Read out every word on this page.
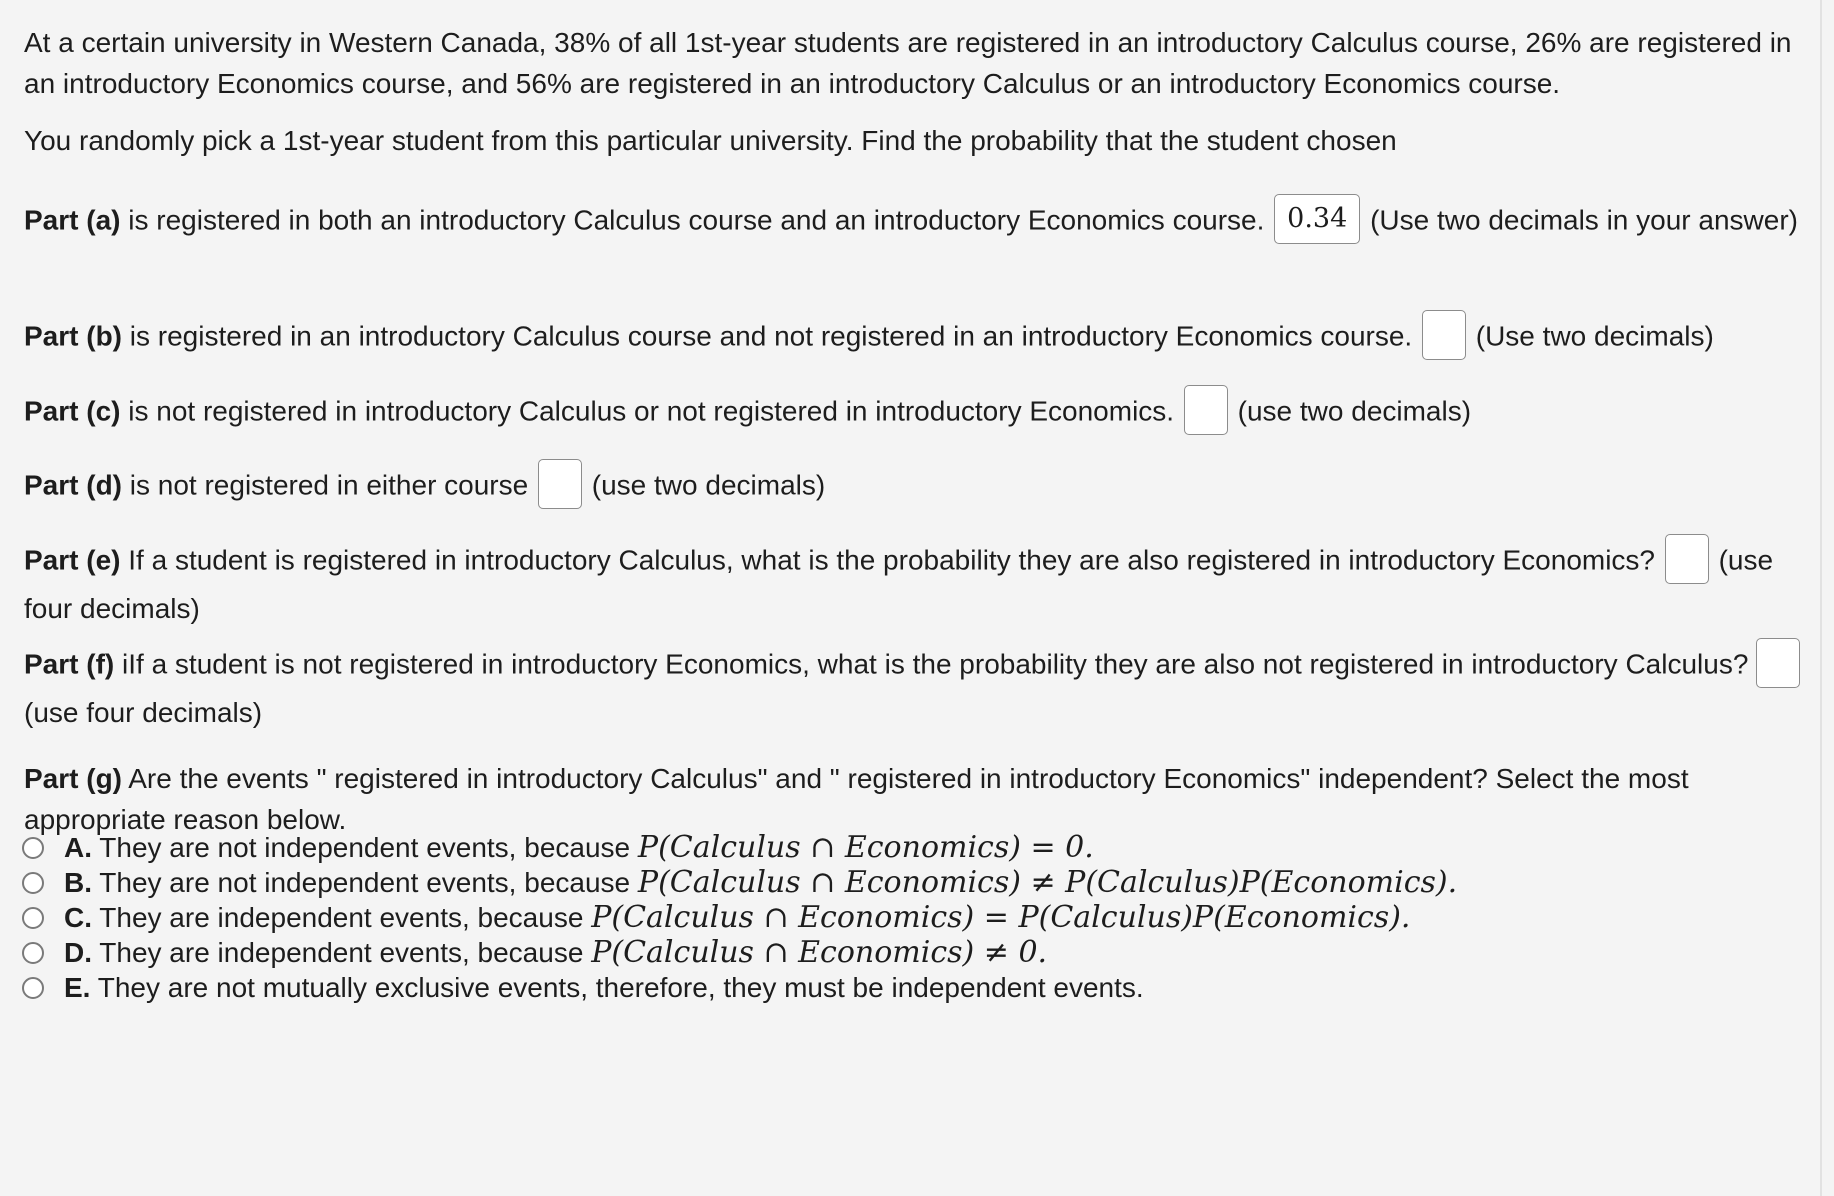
At a certain university in Western Canada, 38% of all 1st-year students are registered in an introductory Calculus course, 26% are registered in an introductory Economics course, and 56% are registered in an introductory Calculus or an introductory Economics course.

You randomly pick a 1st-year student from this particular university. Find the probability that the student chosen

Part (a) is registered in both an introductory Calculus course and an introductory Economics course. 0.34 (Use two decimals in your answer)

Part (b) is registered in an introductory Calculus course and not registered in an introductory Economics course. (Use two decimals)

Part (c) is not registered in introductory Calculus or not registered in introductory Economics. (use two decimals)

Part (d) is not registered in either course (use two decimals)

Part (e) If a student is registered in introductory Calculus, what is the probability they are also registered in introductory Economics? (use four decimals)

Part (f) iIf a student is not registered in introductory Economics, what is the probability they are also not registered in introductory Calculus?  (use four decimals)

Part (g) Are the events " registered in introductory Calculus" and " registered in introductory Economics" independent? Select the most appropriate reason below.

A. They are not independent events, because P(Calculus ∩ Economics) = 0.
B. They are not independent events, because P(Calculus ∩ Economics) ≠ P(Calculus)P(Economics).
C. They are independent events, because P(Calculus ∩ Economics) = P(Calculus)P(Economics).
D. They are independent events, because P(Calculus ∩ Economics) ≠ 0.
E. They are not mutually exclusive events, therefore, they must be independent events.
